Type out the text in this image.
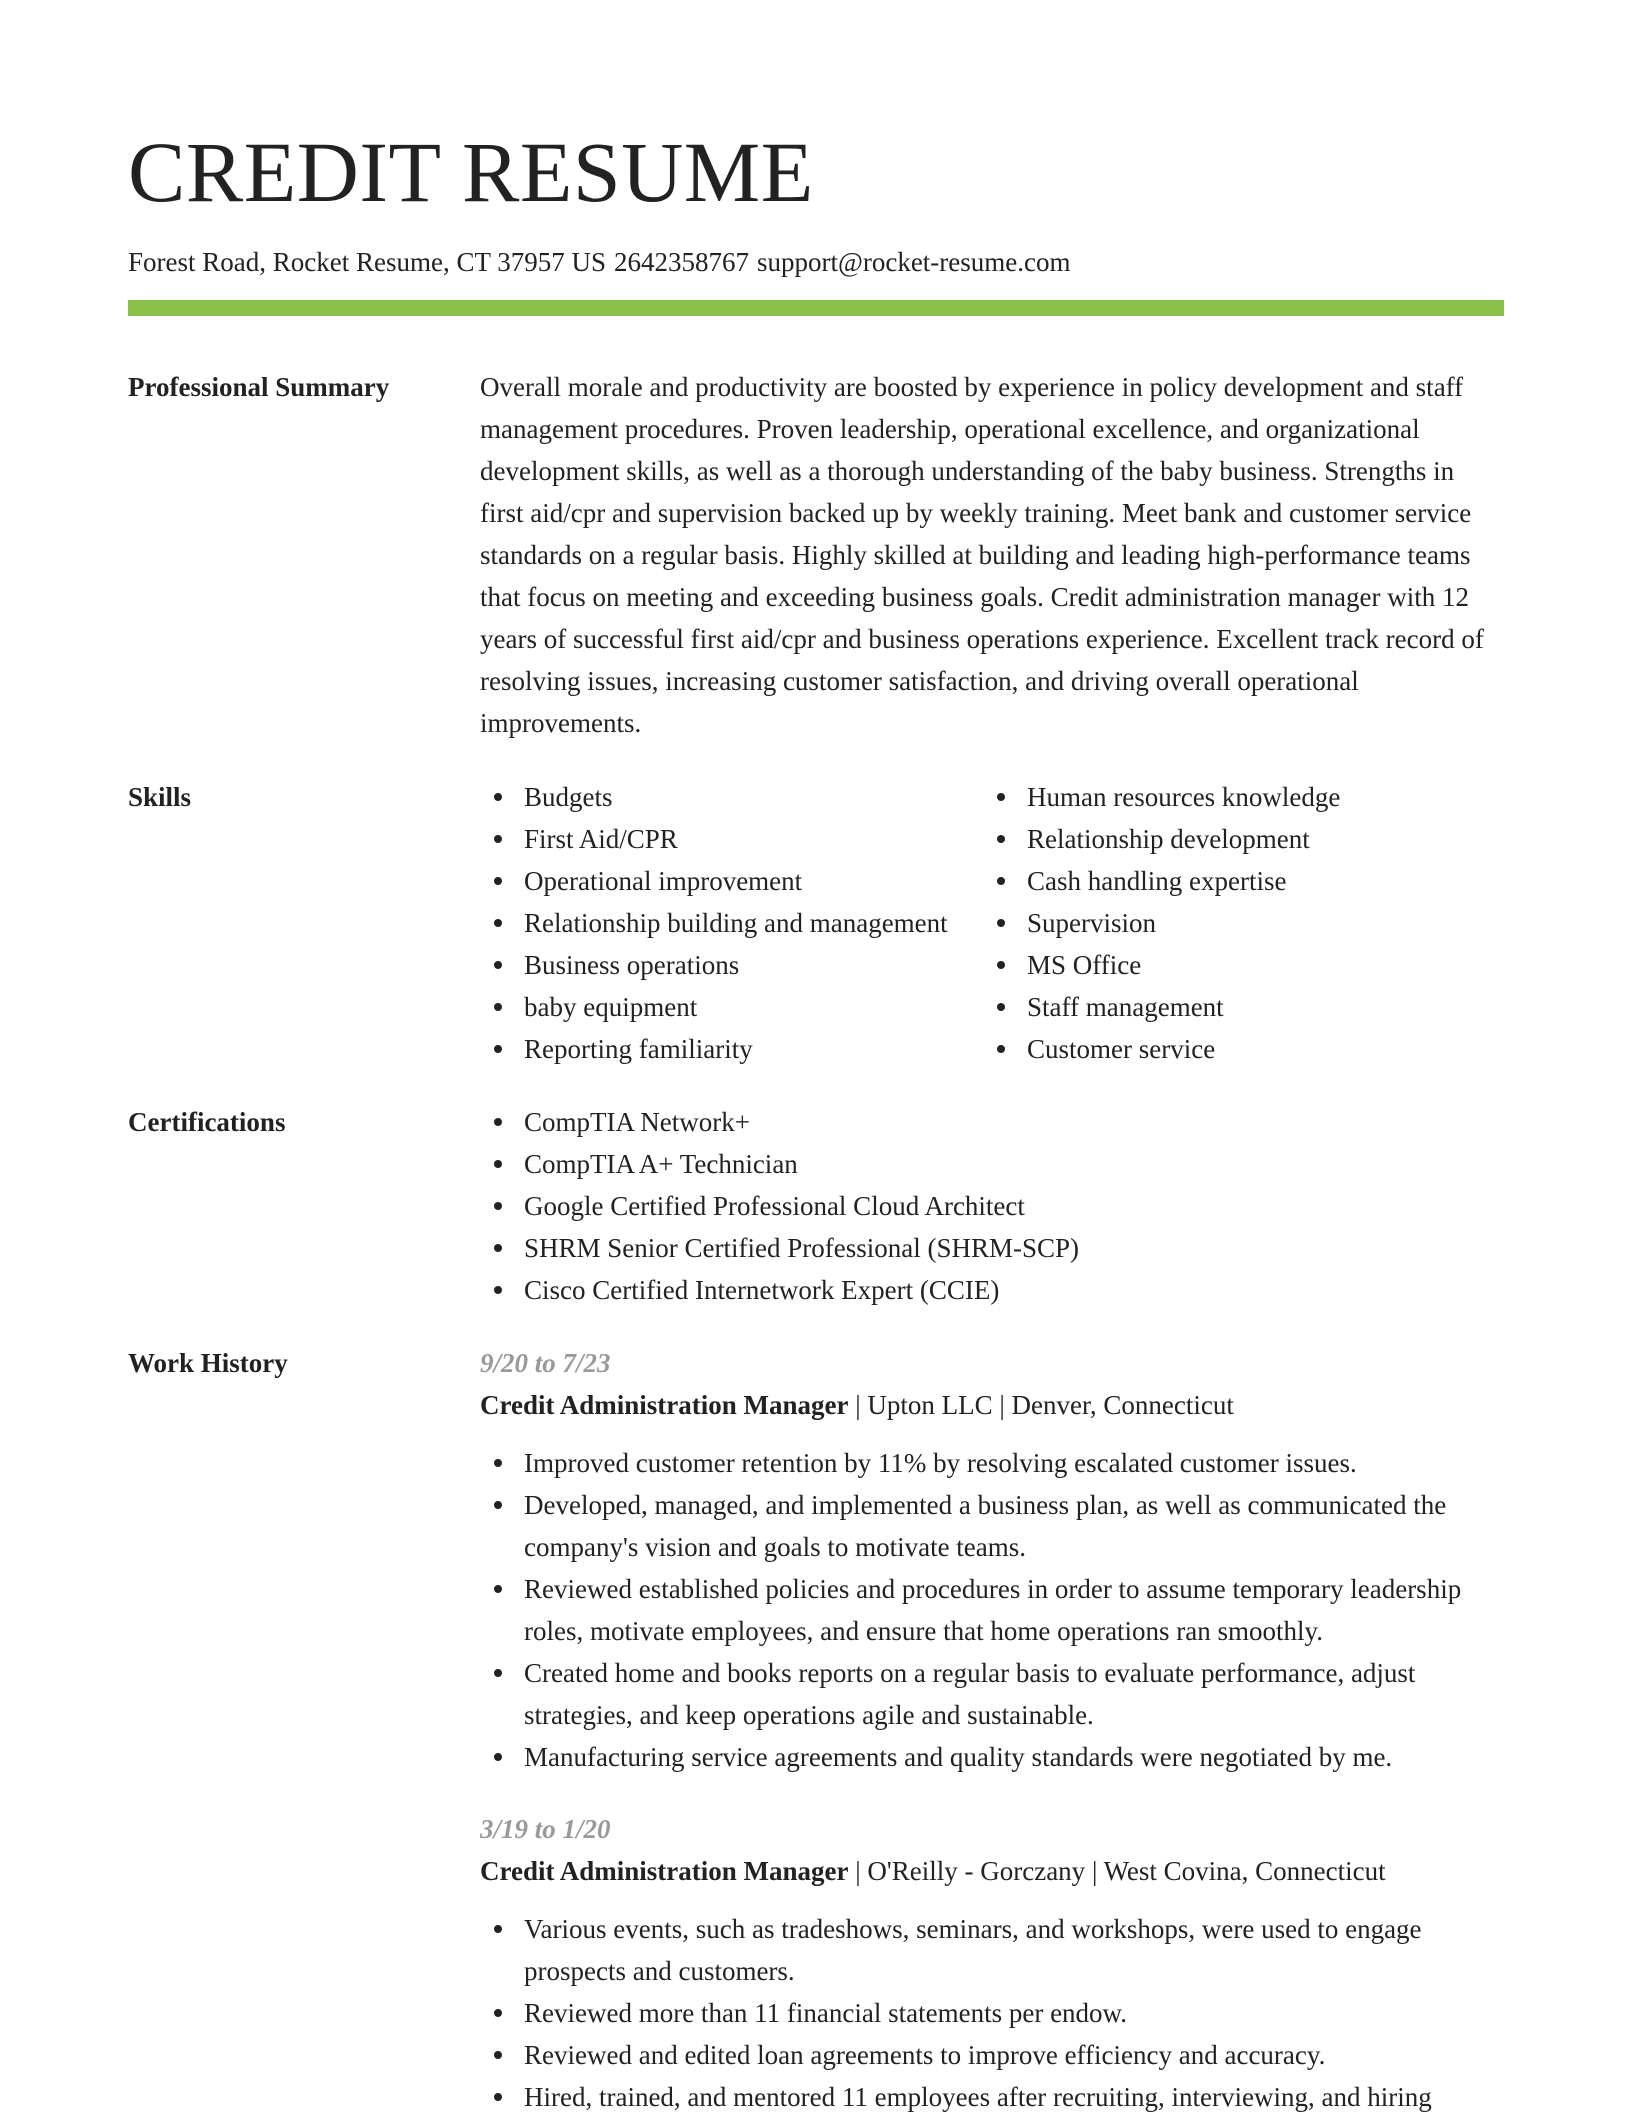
CREDIT RESUME
Forest Road, Rocket Resume, CT 37957 US 2642358767 support@rocket-resume.com
Professional Summary	Overall morale and productivity are boosted by experience in policy development and staff management procedures. Proven leadership, operational excellence, and organizational development skills, as well as a thorough understanding of the baby business. Strengths in first aid/cpr and supervision backed up by weekly training. Meet bank and customer service standards on a regular basis. Highly skilled at building and leading high-performance teams that focus on meeting and exceeding business goals. Credit administration manager with 12 years of successful first aid/cpr and business operations experience. Excellent track record of resolving issues, increasing customer satisfaction, and driving overall operational improvements.

Skills	Budgets
First Aid/CPR
Operational improvement
Relationship building and management
Business operations
baby equipment
Reporting familiarity
Human resources knowledge
Relationship development
Cash handling expertise
Supervision
MS Office
Staff management
Customer service
Certifications	CompTIA Network+
CompTIA A+ Technician
Google Certified Professional Cloud Architect
SHRM Senior Certified Professional (SHRM-SCP)
Cisco Certified Internetwork Expert (CCIE)
Work History	9/20 to 7/23
Credit Administration Manager | Upton LLC | Denver, Connecticut
Improved customer retention by 11% by resolving escalated customer issues.
Developed, managed, and implemented a business plan, as well as communicated the company's vision and goals to motivate teams.
Reviewed established policies and procedures in order to assume temporary leadership roles, motivate employees, and ensure that home operations ran smoothly.
Created home and books reports on a regular basis to evaluate performance, adjust strategies, and keep operations agile and sustainable.
Manufacturing service agreements and quality standards were negotiated by me.
3/19 to 1/20
Credit Administration Manager | O'Reilly - Gorczany | West Covina, Connecticut
Various events, such as tradeshows, seminars, and workshops, were used to engage prospects and customers.
Reviewed more than 11 financial statements per endow.
Reviewed and edited loan agreements to improve efficiency and accuracy.
Hired, trained, and mentored 11 employees after recruiting, interviewing, and hiring
